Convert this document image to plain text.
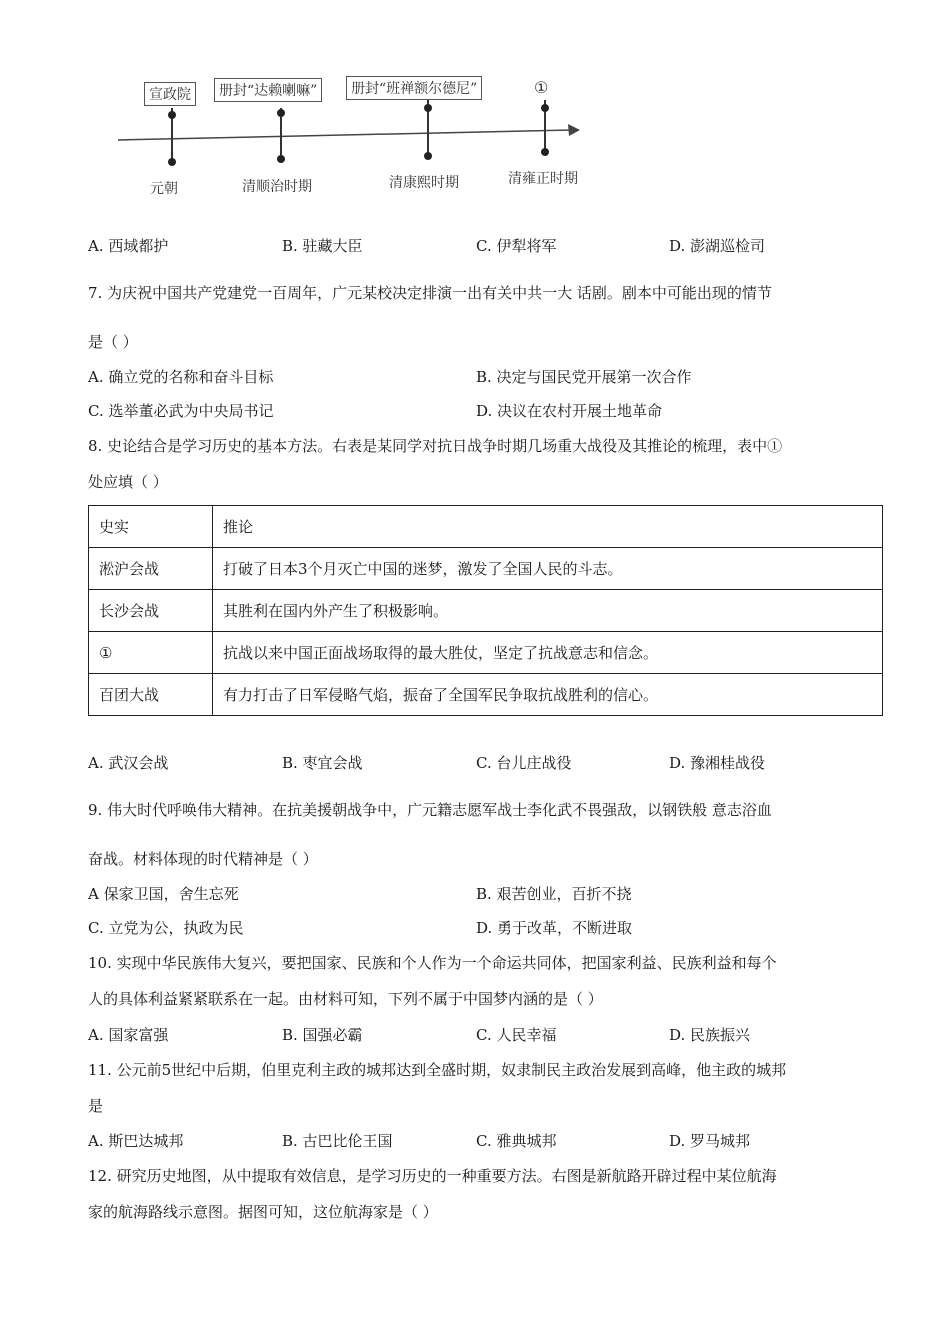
宣政院	册封“达赖喇嘛”	册封“班禅额尔德尼”	①
元朝	清顺治时期	清康熙时期	清雍正时期
A. 西域都护	B. 驻藏大臣	C. 伊犁将军	D. 澎湖巡检司
7. 为庆祝中国共产党建党一百周年，广元某校决定排演一出有关中共一大 话剧。剧本中可能出现的情节
是（ ）
A. 确立党的名称和奋斗目标	B. 决定与国民党开展第一次合作
C. 选举董必武为中央局书记	D. 决议在农村开展土地革命
8. 史论结合是学习历史的基本方法。右表是某同学对抗日战争时期几场重大战役及其推论的梳理，表中①
处应填（ ）
史实	推论
淞沪会战	打破了日本3个月灭亡中国的迷梦，激发了全国人民的斗志。
长沙会战	其胜利在国内外产生了积极影响。
①	抗战以来中国正面战场取得的最大胜仗，坚定了抗战意志和信念。
百团大战	有力打击了日军侵略气焰，振奋了全国军民争取抗战胜利的信心。
A. 武汉会战	B. 枣宜会战	C. 台儿庄战役	D. 豫湘桂战役
9. 伟大时代呼唤伟大精神。在抗美援朝战争中，广元籍志愿军战士李化武不畏强敌，以钢铁般 意志浴血
奋战。材料体现的时代精神是（ ）
A 保家卫国，舍生忘死	B. 艰苦创业，百折不挠
C. 立党为公，执政为民	D. 勇于改革，不断进取
10. 实现中华民族伟大复兴，要把国家、民族和个人作为一个命运共同体，把国家利益、民族利益和每个
人的具体利益紧紧联系在一起。由材料可知，下列不属于中国梦内涵的是（ ）
A. 国家富强	B. 国强必霸	C. 人民幸福	D. 民族振兴
11. 公元前5世纪中后期，伯里克利主政的城邦达到全盛时期，奴隶制民主政治发展到高峰，他主政的城邦
是
A. 斯巴达城邦	B. 古巴比伦王国	C. 雅典城邦	D. 罗马城邦
12. 研究历史地图，从中提取有效信息，是学习历史的一种重要方法。右图是新航路开辟过程中某位航海
家的航海路线示意图。据图可知，这位航海家是（ ）
